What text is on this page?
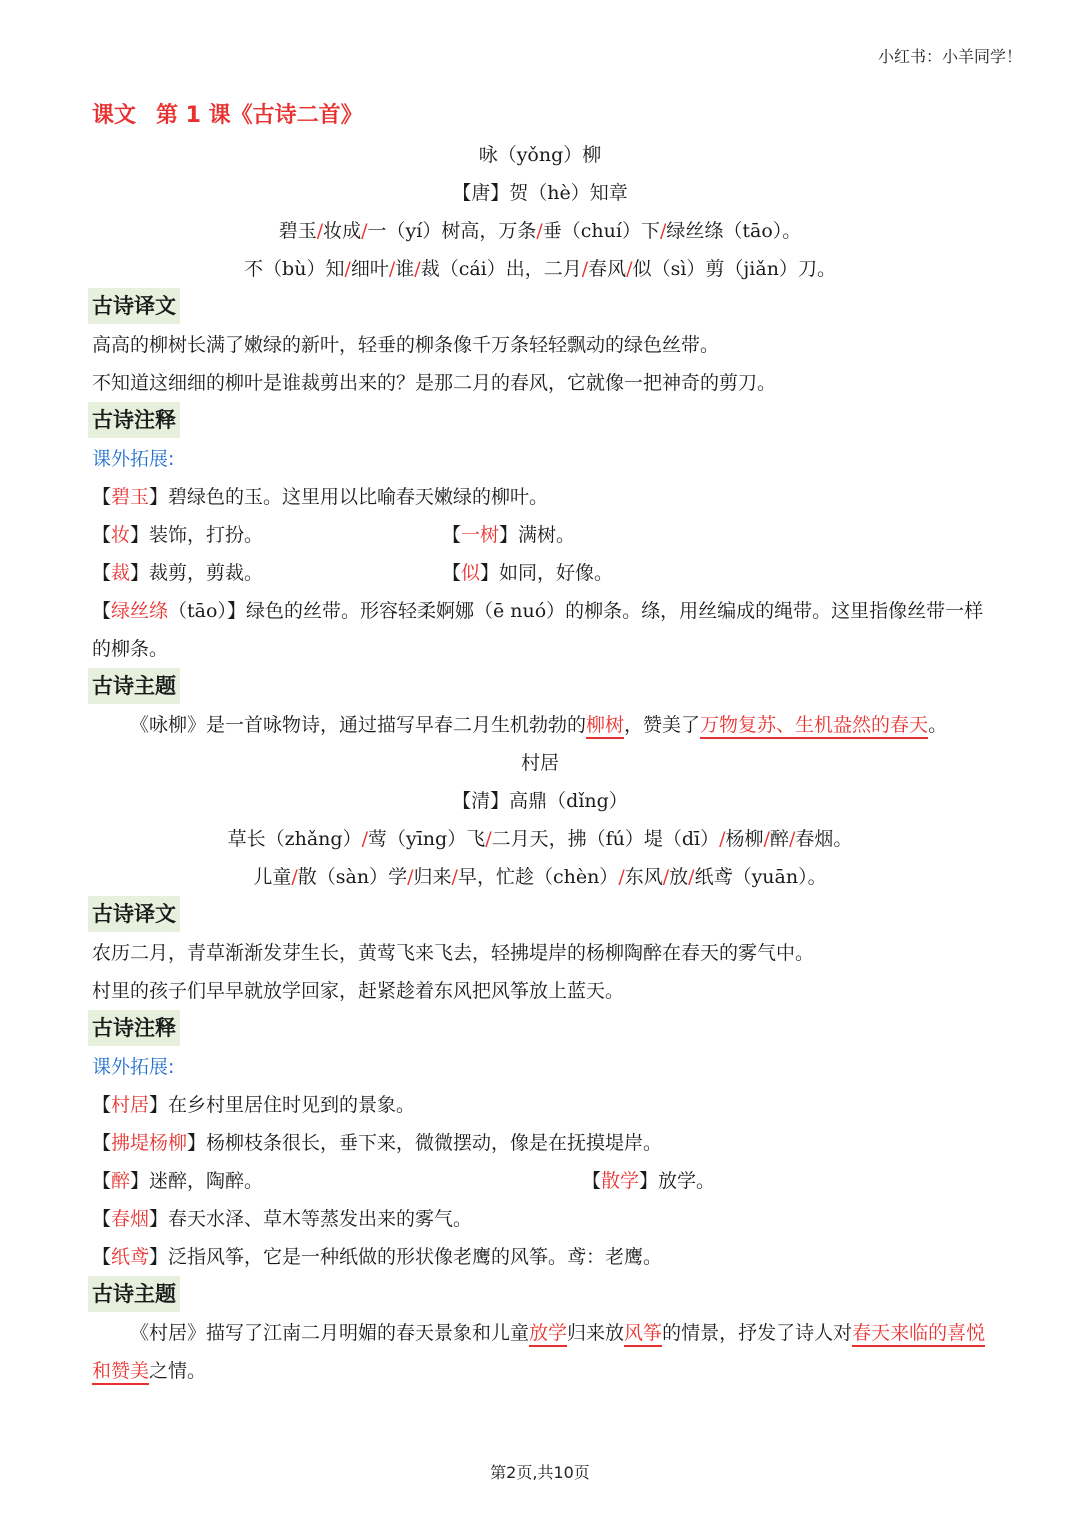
小红书：小羊同学！
课文 第 1 课《古诗二首》
咏（yǒng）柳
【唐】贺（hè）知章
碧玉/妆成/一（yí）树高，万条/垂（chuí）下/绿丝绦（tāo）。
不（bù）知/细叶/谁/裁（cái）出，二月/春风/似（sì）剪（jiǎn）刀。
古诗译文
高高的柳树长满了嫩绿的新叶，轻垂的柳条像千万条轻轻飘动的绿色丝带。
不知道这细细的柳叶是谁裁剪出来的？是那二月的春风，它就像一把神奇的剪刀。
古诗注释
课外拓展:
【碧玉】碧绿色的玉。这里用以比喻春天嫩绿的柳叶。
【妆】装饰，打扮。	【一树】满树。
【裁】裁剪，剪裁。	【似】如同，好像。
【绿丝绦（tāo）】绿色的丝带。形容轻柔婀娜（ē nuó）的柳条。绦，用丝编成的绳带。这里指像丝带一样的柳条。
古诗主题
《咏柳》是一首咏物诗，通过描写早春二月生机勃勃的柳树，赞美了万物复苏、生机盎然的春天。
村居
【清】高鼎（dǐng）
草长（zhǎng）/莺（yīng）飞/二月天，拂（fú）堤（dī）/杨柳/醉/春烟。
儿童/散（sàn）学/归来/早，忙趁（chèn）/东风/放/纸鸢（yuān）。
古诗译文
农历二月，青草渐渐发芽生长，黄莺飞来飞去，轻拂堤岸的杨柳陶醉在春天的雾气中。
村里的孩子们早早就放学回家，赶紧趁着东风把风筝放上蓝天。
古诗注释
课外拓展:
【村居】在乡村里居住时见到的景象。
【拂堤杨柳】杨柳枝条很长，垂下来，微微摆动，像是在抚摸堤岸。
【醉】迷醉，陶醉。	【散学】放学。
【春烟】春天水泽、草木等蒸发出来的雾气。
【纸鸢】泛指风筝，它是一种纸做的形状像老鹰的风筝。鸢：老鹰。
古诗主题
《村居》描写了江南二月明媚的春天景象和儿童放学归来放风筝的情景，抒发了诗人对春天来临的喜悦和赞美之情。
第2页,共10页
